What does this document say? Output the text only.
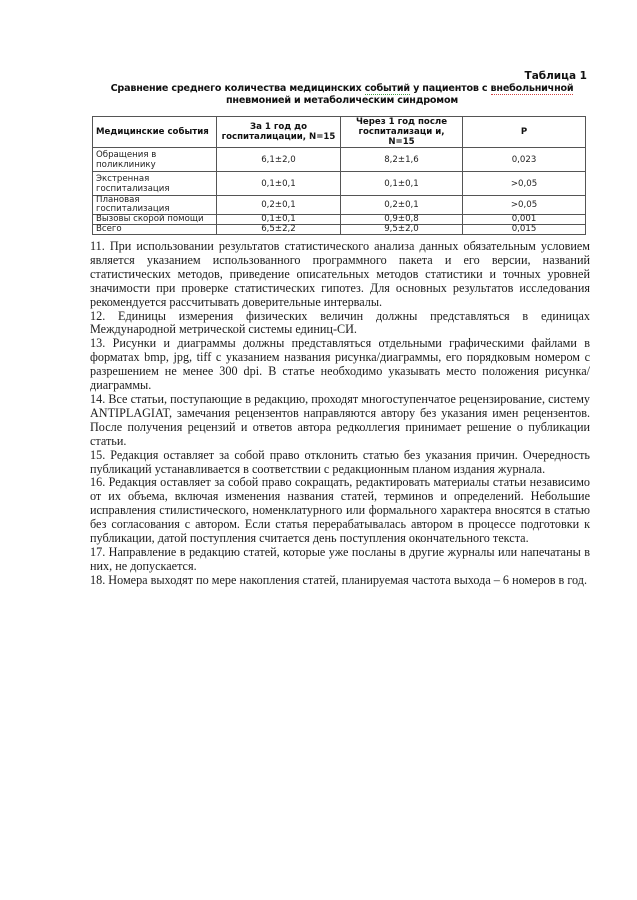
Таблица 1
Сравнение среднего количества медицинских событий у пациентов с внебольничной пневмонией и метаболическим синдромом
Медицинские события	За 1 год до госпиталицации, N=15	Через 1 год после госпитализаци и, N=15	P
Обращения в поликлинику	6,1±2,0	8,2±1,6	0,023
Экстренная госпитализация	0,1±0,1	0,1±0,1	>0,05
Плановая госпитализация	0,2±0,1	0,2±0,1	>0,05
Вызовы скорой помощи	0,1±0,1	0,9±0,8	0,001
Всего	6,5±2,2	9,5±2,0	0,015

11. При использовании результатов статистического анализа данных обязательным условием является указанием использованного программного пакета и его версии, названий статистических методов, приведение описательных методов статистики и точных уровней значимости при проверке статистических гипотез. Для основных результатов исследования рекомендуется рассчитывать доверительные интервалы.

12. Единицы измерения физических величин должны представляться в единицах Международной метрической системы единиц-СИ.

13. Рисунки и диаграммы должны представляться отдельными графическими файлами в форматах bmp, jpg, tiff с указанием названия рисунка/диаграммы, его порядковым номером с разрешением не менее 300 dpi. В статье необходимо указывать место положения рисунка/диаграммы.

14. Все статьи, поступающие в редакцию, проходят многоступенчатое рецензирование, систему ANTIPLAGIAT, замечания рецензентов направляются автору без указания имен рецензентов. После получения рецензий и ответов автора редколлегия принимает решение о публикации статьи.

15. Редакция оставляет за собой право отклонить статью без указания причин. Очередность публикаций устанавливается в соответствии с редакционным планом издания журнала.

16. Редакция оставляет за собой право сокращать, редактировать материалы статьи независимо от их объема, включая изменения названия статей, терминов и определений. Небольшие исправления стилистического, номенклатурного или формального характера вносятся в статью без согласования с автором. Если статья перерабатывалась автором в процессе подготовки к публикации, датой поступления считается день поступления окончательного текста.

17. Направление в редакцию статей, которые уже посланы в другие журналы или напечатаны в них, не допускается.

18. Номера выходят по мере накопления статей, планируемая частота выхода – 6 номеров в год.
